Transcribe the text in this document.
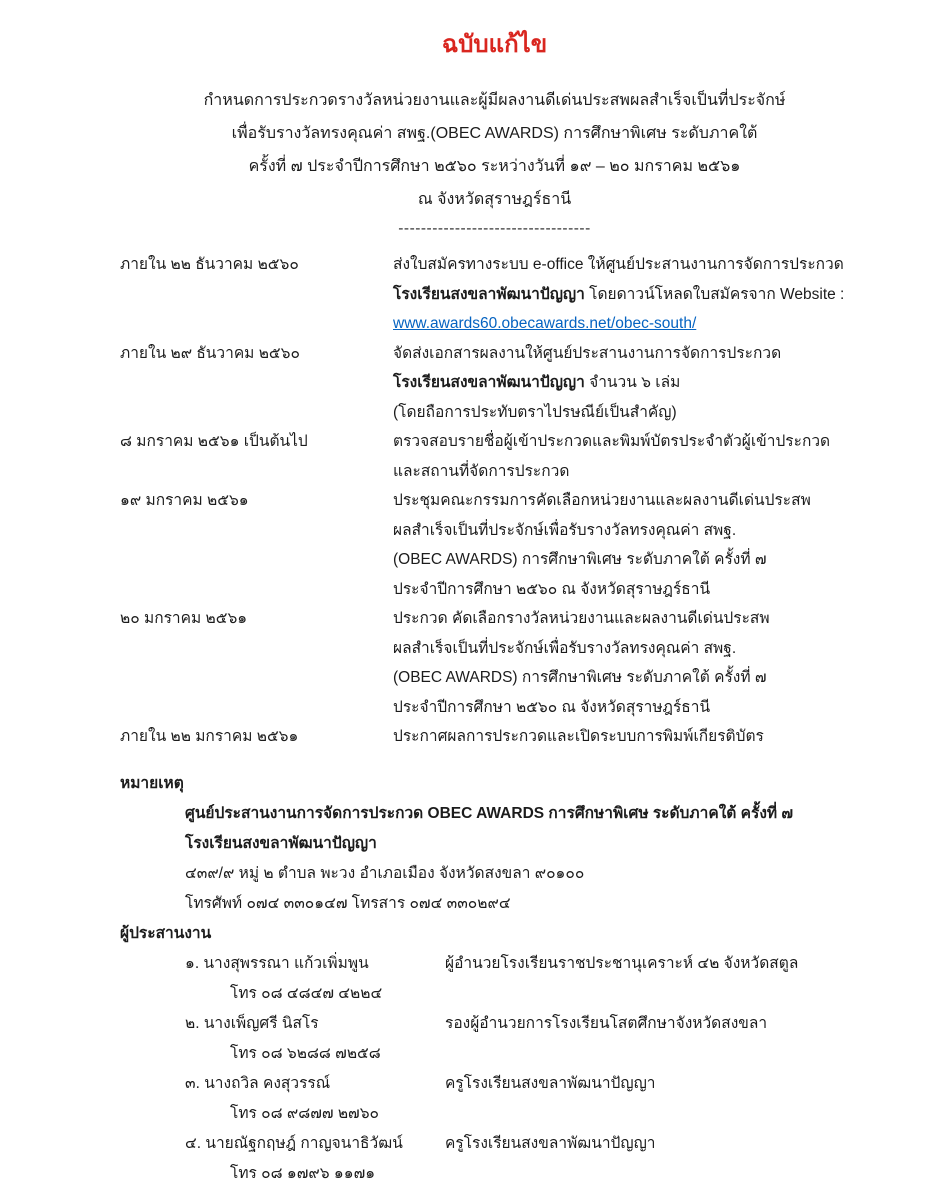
ฉบับแก้ไข
กำหนดการประกวดรางวัลหน่วยงานและผู้มีผลงานดีเด่นประสพผลสำเร็จเป็นที่ประจักษ์
เพื่อรับรางวัลทรงคุณค่า สพฐ.(OBEC AWARDS) การศึกษาพิเศษ ระดับภาคใต้
ครั้งที่ ๗ ประจำปีการศึกษา ๒๕๖๐ ระหว่างวันที่ ๑๙ – ๒๐ มกราคม ๒๕๖๑
ณ จังหวัดสุราษฎร์ธานี
----------------------------------
ภายใน ๒๒ ธันวาคม ๒๕๖๐	ส่งใบสมัครทางระบบ e-office ให้ศูนย์ประสานงานการจัดการประกวด
โรงเรียนสงขลาพัฒนาปัญญา โดยดาวน์โหลดใบสมัครจาก Website :
www.awards60.obecawards.net/obec-south/
ภายใน ๒๙ ธันวาคม ๒๕๖๐	จัดส่งเอกสารผลงานให้ศูนย์ประสานงานการจัดการประกวด
โรงเรียนสงขลาพัฒนาปัญญา จำนวน ๖ เล่ม
(โดยถือการประทับตราไปรษณีย์เป็นสำคัญ)
๘ มกราคม ๒๕๖๑ เป็นต้นไป	ตรวจสอบรายชื่อผู้เข้าประกวดและพิมพ์บัตรประจำตัวผู้เข้าประกวด
และสถานที่จัดการประกวด
๑๙ มกราคม ๒๕๖๑	ประชุมคณะกรรมการคัดเลือกหน่วยงานและผลงานดีเด่นประสพ
ผลสำเร็จเป็นที่ประจักษ์เพื่อรับรางวัลทรงคุณค่า สพฐ.
(OBEC AWARDS) การศึกษาพิเศษ ระดับภาคใต้ ครั้งที่ ๗
ประจำปีการศึกษา ๒๕๖๐ ณ จังหวัดสุราษฎร์ธานี
๒๐ มกราคม ๒๕๖๑	ประกวด คัดเลือกรางวัลหน่วยงานและผลงานดีเด่นประสพ
ผลสำเร็จเป็นที่ประจักษ์เพื่อรับรางวัลทรงคุณค่า สพฐ.
(OBEC AWARDS) การศึกษาพิเศษ ระดับภาคใต้ ครั้งที่ ๗
ประจำปีการศึกษา ๒๕๖๐ ณ จังหวัดสุราษฎร์ธานี
ภายใน ๒๒ มกราคม ๒๕๖๑	ประกาศผลการประกวดและเปิดระบบการพิมพ์เกียรติบัตร
หมายเหตุ
ศูนย์ประสานงานการจัดการประกวด OBEC AWARDS การศึกษาพิเศษ ระดับภาคใต้ ครั้งที่ ๗
โรงเรียนสงขลาพัฒนาปัญญา
๔๓๙/๙ หมู่ ๒ ตำบล พะวง อำเภอเมือง จังหวัดสงขลา ๙๐๑๐๐
โทรศัพท์ ๐๗๔ ๓๓๐๑๔๗ โทรสาร ๐๗๔ ๓๓๐๒๙๔
ผู้ประสานงาน
๑. นางสุพรรณา แก้วเพิ่มพูน	ผู้อำนวยโรงเรียนราชประชานุเคราะห์ ๔๒ จังหวัดสตูล
โทร ๐๘ ๔๘๔๗ ๔๒๒๔
๒. นางเพ็ญศรี นิสโร	รองผู้อำนวยการโรงเรียนโสตศึกษาจังหวัดสงขลา
โทร ๐๘ ๖๒๘๘ ๗๒๕๘
๓. นางถวิล คงสุวรรณ์	ครูโรงเรียนสงขลาพัฒนาปัญญา
โทร ๐๘ ๙๘๗๗ ๒๗๖๐
๔. นายณัฐกฤษฎ์ กาญจนาธิวัฒน์	ครูโรงเรียนสงขลาพัฒนาปัญญา
โทร ๐๘ ๑๗๙๖ ๑๑๗๑
